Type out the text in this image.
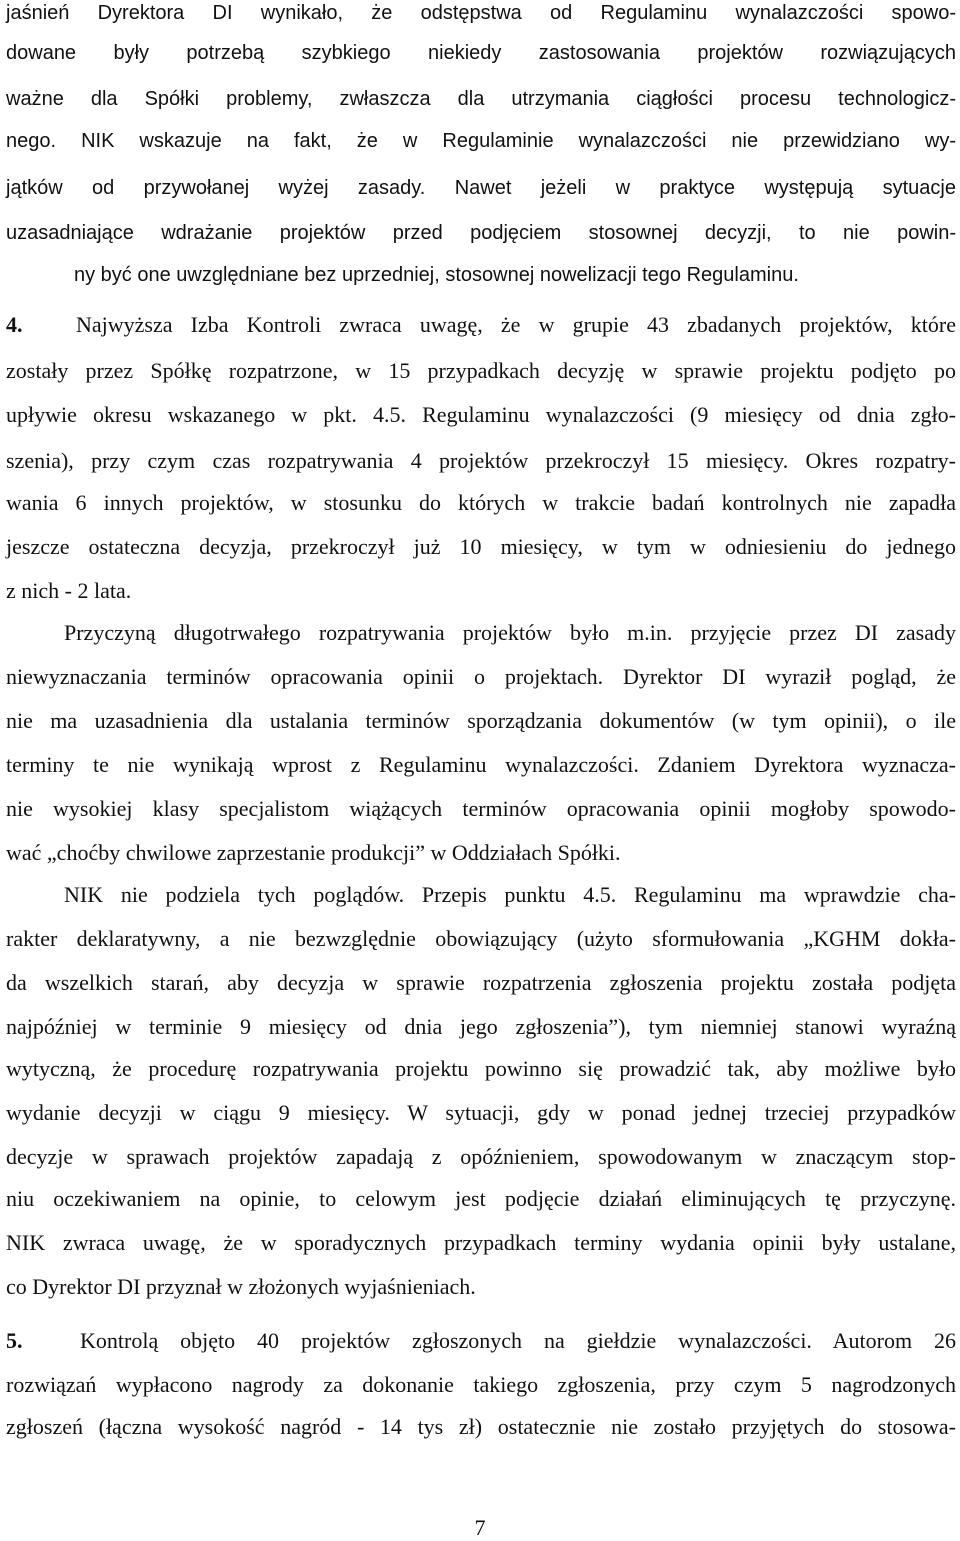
jaśnień Dyrektora DI wynikało, że odstępstwa od Regulaminu wynalazczości spowo-
dowane były potrzebą szybkiego niekiedy zastosowania projektów rozwiązujących
ważne dla Spółki problemy, zwłaszcza dla utrzymania ciągłości procesu technologicz-
nego. NIK wskazuje na fakt, że w Regulaminie wynalazczości nie przewidziano wy-
jątków od przywołanej wyżej zasady. Nawet jeżeli w praktyce występują sytuacje
uzasadniające wdrażanie projektów przed podjęciem stosownej decyzji, to nie powin-
ny być one uwzględniane bez uprzedniej, stosownej nowelizacji tego Regulaminu.
4.	Najwyższa Izba Kontroli zwraca uwagę, że w grupie 43 zbadanych projektów, które
zostały przez Spółkę rozpatrzone, w 15 przypadkach decyzję w sprawie projektu podjęto po
upływie okresu wskazanego w pkt. 4.5. Regulaminu wynalazczości (9 miesięcy od dnia zgło-
szenia), przy czym czas rozpatrywania 4 projektów przekroczył 15 miesięcy. Okres rozpatry-
wania 6 innych projektów, w stosunku do których w trakcie badań kontrolnych nie zapadła
jeszcze ostateczna decyzja, przekroczył już 10 miesięcy, w tym w odniesieniu do jednego
z nich - 2 lata.
Przyczyną długotrwałego rozpatrywania projektów było m.in. przyjęcie przez DI zasady
niewyznaczania terminów opracowania opinii o projektach. Dyrektor DI wyraził pogląd, że
nie ma uzasadnienia dla ustalania terminów sporządzania dokumentów (w tym opinii), o ile
terminy te nie wynikają wprost z Regulaminu wynalazczości. Zdaniem Dyrektora wyznacza-
nie wysokiej klasy specjalistom wiążących terminów opracowania opinii mogłoby spowodo-
wać „choćby chwilowe zaprzestanie produkcji” w Oddziałach Spółki.
NIK nie podziela tych poglądów. Przepis punktu 4.5. Regulaminu ma wprawdzie cha-
rakter deklaratywny, a nie bezwzględnie obowiązujący (użyto sformułowania „KGHM dokła-
da wszelkich starań, aby decyzja w sprawie rozpatrzenia zgłoszenia projektu została podjęta
najpóźniej w terminie 9 miesięcy od dnia jego zgłoszenia”), tym niemniej stanowi wyraźną
wytyczną, że procedurę rozpatrywania projektu powinno się prowadzić tak, aby możliwe było
wydanie decyzji w ciągu 9 miesięcy. W sytuacji, gdy w ponad jednej trzeciej przypadków
decyzje w sprawach projektów zapadają z opóźnieniem, spowodowanym w znaczącym stop-
niu oczekiwaniem na opinie, to celowym jest podjęcie działań eliminujących tę przyczynę.
NIK zwraca uwagę, że w sporadycznych przypadkach terminy wydania opinii były ustalane,
co Dyrektor DI przyznał w złożonych wyjaśnieniach.
5.	Kontrolą objęto 40 projektów zgłoszonych na giełdzie wynalazczości. Autorom 26
rozwiązań wypłacono nagrody za dokonanie takiego zgłoszenia, przy czym 5 nagrodzonych
zgłoszeń (łączna wysokość nagród - 14 tys zł) ostatecznie nie zostało przyjętych do stosowa-
7
